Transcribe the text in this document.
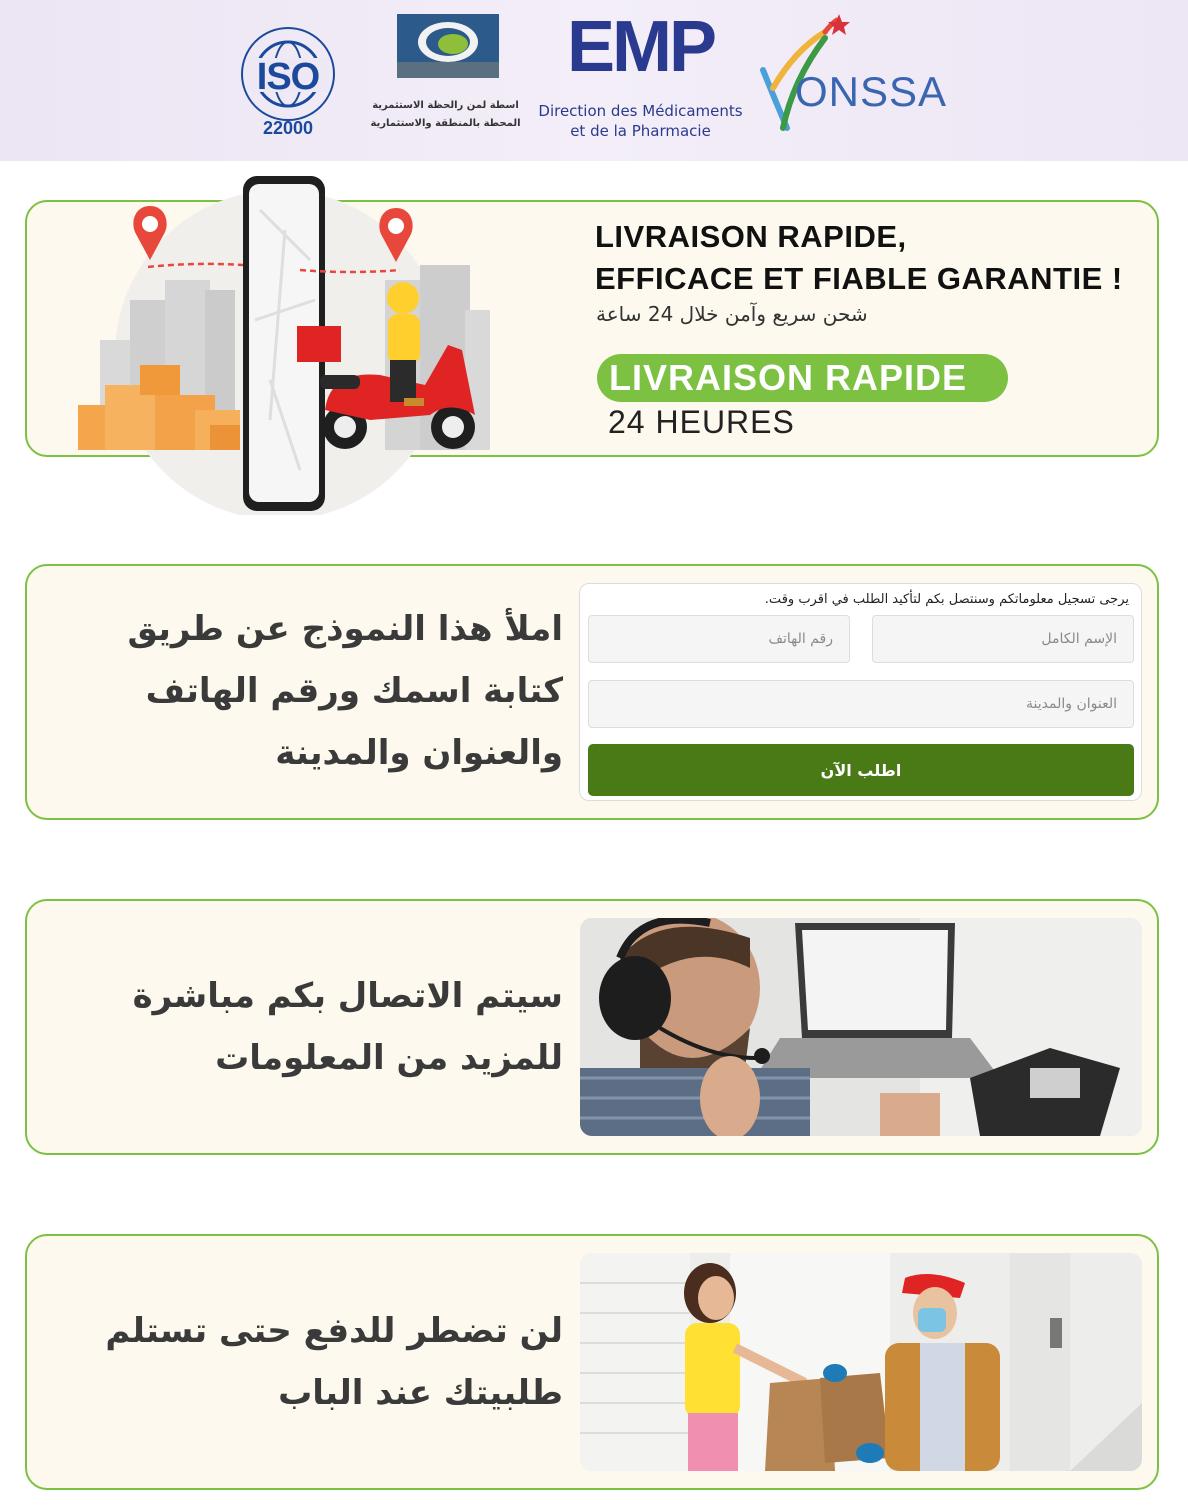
ISO
22000
اسطة لمن رالحظة الاستثمرية
المحطة بالمنطقة والاستثمارية
EMP
Direction des Médicaments
et de la Pharmacie
ONSSA
LIVRAISON RAPIDE,
EFFICACE ET FIABLE GARANTIE !
شحن سريع وآمن خلال 24 ساعة
LIVRAISON RAPIDE
24 HEURES
املأ هذا النموذج عن طريق
كتابة اسمك ورقم الهاتف
والعنوان والمدينة
يرجى تسجيل معلوماتكم وسنتصل بكم لتأكيد الطلب في اقرب وقت.
الإسم الكامل
رقم الهاتف
العنوان والمدينة
اطلب الآن
سيتم الاتصال بكم مباشرة
للمزيد من المعلومات
لن تضطر للدفع حتى تستلم
طلبيتك عند الباب
